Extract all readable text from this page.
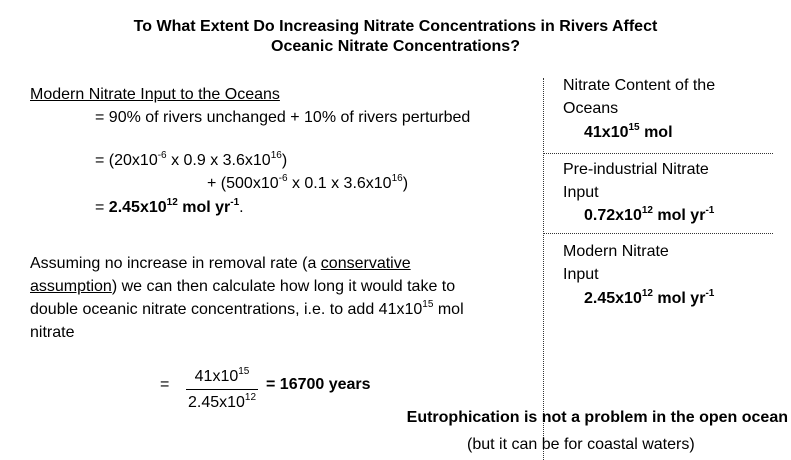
To What Extent Do Increasing Nitrate Concentrations in Rivers Affect
Oceanic Nitrate Concentrations?
Modern Nitrate Input to the Oceans
= 90% of rivers unchanged + 10% of rivers perturbed
= ($20x10^{-6}$ x 0.9 x $3.6x10^{16}$)
+ ($500x10^{-6}$ x 0.1 x $3.6x10^{16}$)
= $2.45x10^{12}$ mol $yr^{-1}$.
Assuming no increase in removal rate (a conservative
assumption) we can then calculate how long it would take to
double oceanic nitrate concentrations, i.e. to add $41x10^{15}$ mol
nitrate
=	$41x10^{15}$
$2.45x10^{12}$
= 16700 years
Nitrate Content of the
Oceans
$41x10^{15}$ mol
Pre-industrial Nitrate
Input
$0.72x10^{12}$ mol $yr^{-1}$
Modern Nitrate
Input
$2.45x10^{12}$ mol $yr^{-1}$
Eutrophication is not a problem in the open ocean
(but it can be for coastal waters)
